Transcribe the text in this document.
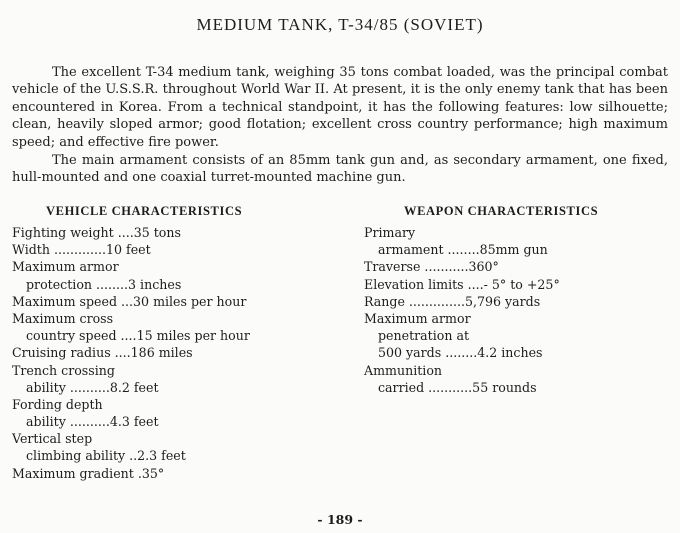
MEDIUM TANK, T-34/85 (SOVIET)

The excellent T-34 medium tank, weighing 35 tons combat loaded, was the principal combat vehicle of the U.S.S.R. throughout World War II. At present, it is the only enemy tank that has been encountered in Korea. From a technical standpoint, it has the following features: low silhouette; clean, heavily sloped armor; good flotation; excellent cross country performance; high maximum speed; and effective fire power.

The main armament consists of an 85mm tank gun and, as secondary armament, one fixed, hull-mounted and one coaxial turret-mounted machine gun.

VEHICLE CHARACTERISTICS	WEAPON CHARACTERISTICS
Fighting weight ....35 tons
Width .............10 feet
Maximum armor
protection ........3 inches
Maximum speed ...30 miles per hour
Maximum cross
country speed ....15 miles per hour
Cruising radius ....186 miles
Trench crossing
ability ..........8.2 feet
Fording depth
ability ..........4.3 feet
Vertical step
climbing ability ..2.3 feet
Maximum gradient .35°
Primary
armament ........85mm gun
Traverse ...........360°
Elevation limits ....- 5° to +25°
Range ..............5,796 yards
Maximum armor
penetration at
500 yards ........4.2 inches
Ammunition
carried ...........55 rounds
- 189 -
